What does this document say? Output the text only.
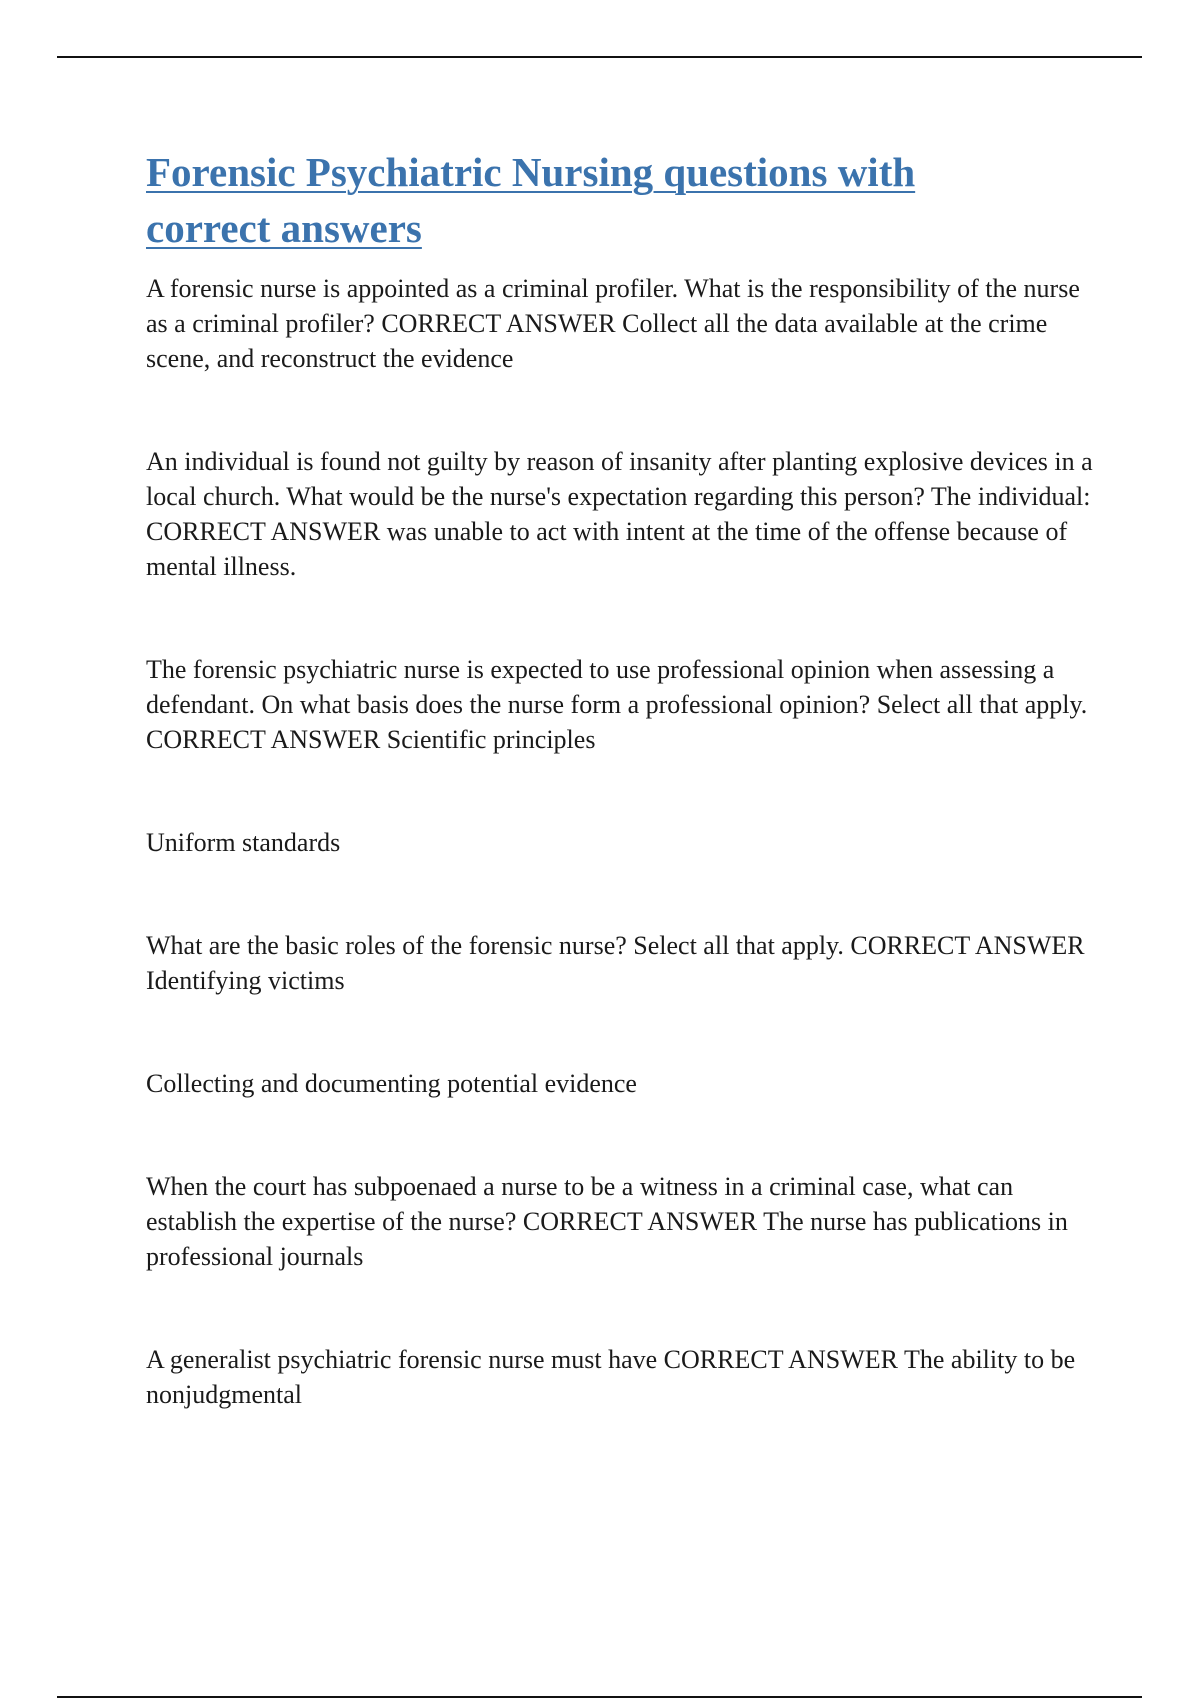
Forensic Psychiatric Nursing questions with correct answers

A forensic nurse is appointed as a criminal profiler. What is the responsibility of the nurse as a criminal profiler? CORRECT ANSWER Collect all the data available at the crime scene, and reconstruct the evidence

An individual is found not guilty by reason of insanity after planting explosive devices in a local church. What would be the nurse's expectation regarding this person? The individual: CORRECT ANSWER was unable to act with intent at the time of the offense because of mental illness.

The forensic psychiatric nurse is expected to use professional opinion when assessing a defendant. On what basis does the nurse form a professional opinion? Select all that apply. CORRECT ANSWER Scientific principles

Uniform standards

What are the basic roles of the forensic nurse? Select all that apply. CORRECT ANSWER Identifying victims

Collecting and documenting potential evidence

When the court has subpoenaed a nurse to be a witness in a criminal case, what can establish the expertise of the nurse? CORRECT ANSWER The nurse has publications in professional journals

A generalist psychiatric forensic nurse must have CORRECT ANSWER The ability to be nonjudgmental
